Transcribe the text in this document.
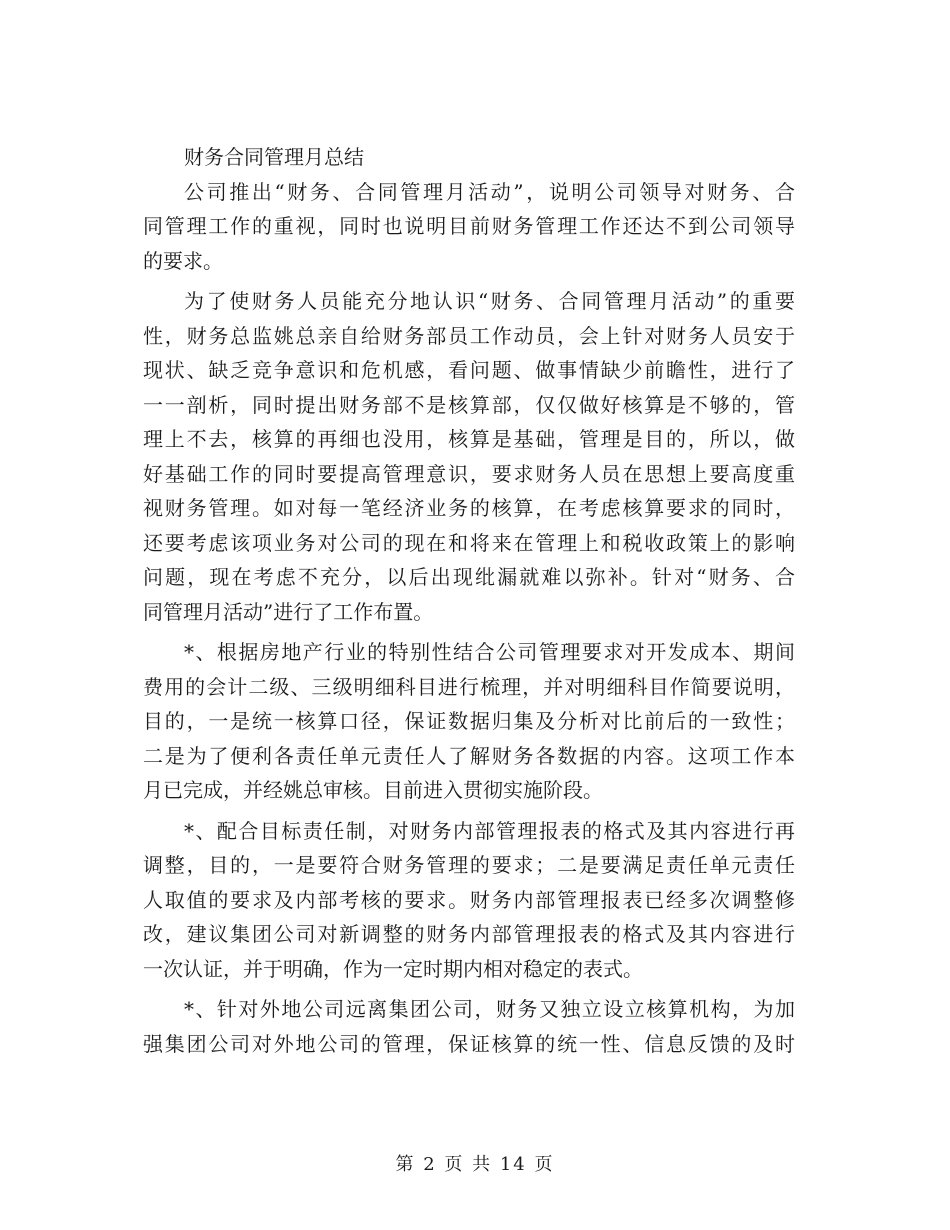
财务合同管理月总结
公司推出“财务、合同管理月活动”，说明公司领导对财务、合
同管理工作的重视，同时也说明目前财务管理工作还达不到公司领导
的要求。
为了使财务人员能充分地认识“财务、合同管理月活动”的重要
性，财务总监姚总亲自给财务部员工作动员，会上针对财务人员安于
现状、缺乏竞争意识和危机感，看问题、做事情缺少前瞻性，进行了
一一剖析，同时提出财务部不是核算部，仅仅做好核算是不够的，管
理上不去，核算的再细也没用，核算是基础，管理是目的，所以，做
好基础工作的同时要提高管理意识，要求财务人员在思想上要高度重
视财务管理。如对每一笔经济业务的核算，在考虑核算要求的同时，
还要考虑该项业务对公司的现在和将来在管理上和税收政策上的影响
问题，现在考虑不充分，以后出现纰漏就难以弥补。针对“财务、合
同管理月活动”进行了工作布置。
*、根据房地产行业的特别性结合公司管理要求对开发成本、期间
费用的会计二级、三级明细科目进行梳理，并对明细科目作简要说明，
目的，一是统一核算口径，保证数据归集及分析对比前后的一致性；
二是为了便利各责任单元责任人了解财务各数据的内容。这项工作本
月已完成，并经姚总审核。目前进入贯彻实施阶段。
*、配合目标责任制，对财务内部管理报表的格式及其内容进行再
调整，目的，一是要符合财务管理的要求；二是要满足责任单元责任
人取值的要求及内部考核的要求。财务内部管理报表已经多次调整修
改，建议集团公司对新调整的财务内部管理报表的格式及其内容进行
一次认证，并于明确，作为一定时期内相对稳定的表式。
*、针对外地公司远离集团公司，财务又独立设立核算机构，为加
强集团公司对外地公司的管理，保证核算的统一性、信息反馈的及时
第 2 页 共 14 页
